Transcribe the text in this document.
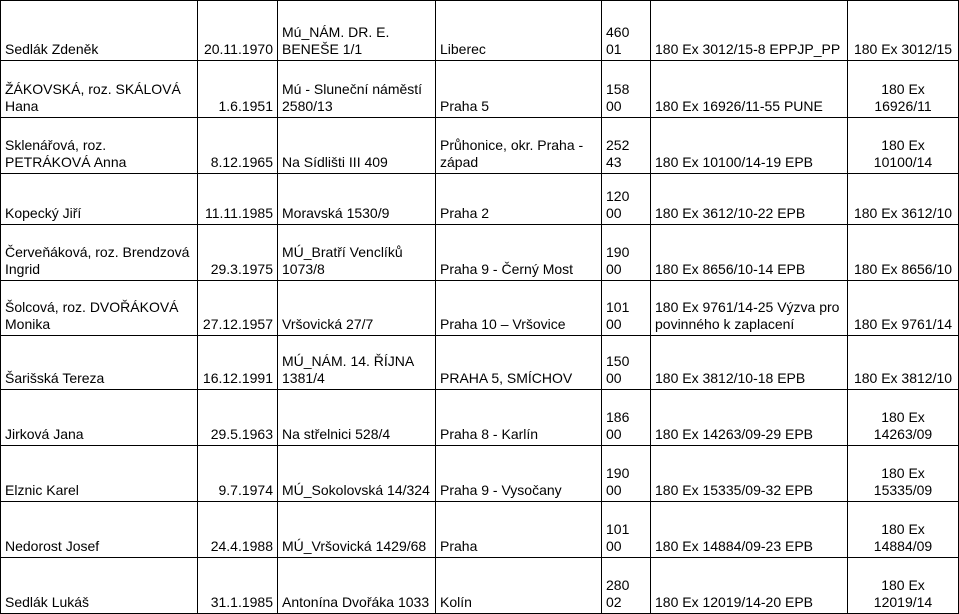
Sedlák Zdeněk	20.11.1970	Mú_NÁM. DR. E. BENEŠE 1/1	Liberec	460 01	180 Ex 3012/15-8 EPPJP_PP	180 Ex 3012/15
ŽÁKOVSKÁ, roz. SKÁLOVÁ Hana	1.6.1951	Mú - Sluneční náměstí 2580/13	Praha 5	158 00	180 Ex 16926/11-55 PUNE	180 Ex 16926/11
Sklenářová, roz. PETRÁKOVÁ Anna	8.12.1965	Na Sídlišti III 409	Průhonice, okr. Praha - západ	252 43	180 Ex 10100/14-19 EPB	180 Ex 10100/14
Kopecký Jiří	11.11.1985	Moravská 1530/9	Praha 2	120 00	180 Ex 3612/10-22 EPB	180 Ex 3612/10
Červeňáková, roz. Brendzová Ingrid	29.3.1975	MÚ_Bratří Venclíků 1073/8	Praha 9 - Černý Most	190 00	180 Ex 8656/10-14 EPB	180 Ex 8656/10
Šolcová, roz. DVOŘÁKOVÁ Monika	27.12.1957	Vršovická 27/7	Praha 10 – Vršovice	101 00	180 Ex 9761/14-25 Výzva pro povinného k zaplacení	180 Ex 9761/14
Šarišská Tereza	16.12.1991	MÚ_NÁM. 14. ŘÍJNA 1381/4	PRAHA 5, SMÍCHOV	150 00	180 Ex 3812/10-18 EPB	180 Ex 3812/10
Jirková Jana	29.5.1963	Na střelnici 528/4	Praha 8 - Karlín	186 00	180 Ex 14263/09-29 EPB	180 Ex 14263/09
Elznic Karel	9.7.1974	MÚ_Sokolovská 14/324	Praha 9 - Vysočany	190 00	180 Ex 15335/09-32 EPB	180 Ex 15335/09
Nedorost Josef	24.4.1988	MÚ_Vršovická 1429/68	Praha	101 00	180 Ex 14884/09-23 EPB	180 Ex 14884/09
Sedlák Lukáš	31.1.1985	Antonína Dvořáka 1033	Kolín	280 02	180 Ex 12019/14-20 EPB	180 Ex 12019/14
